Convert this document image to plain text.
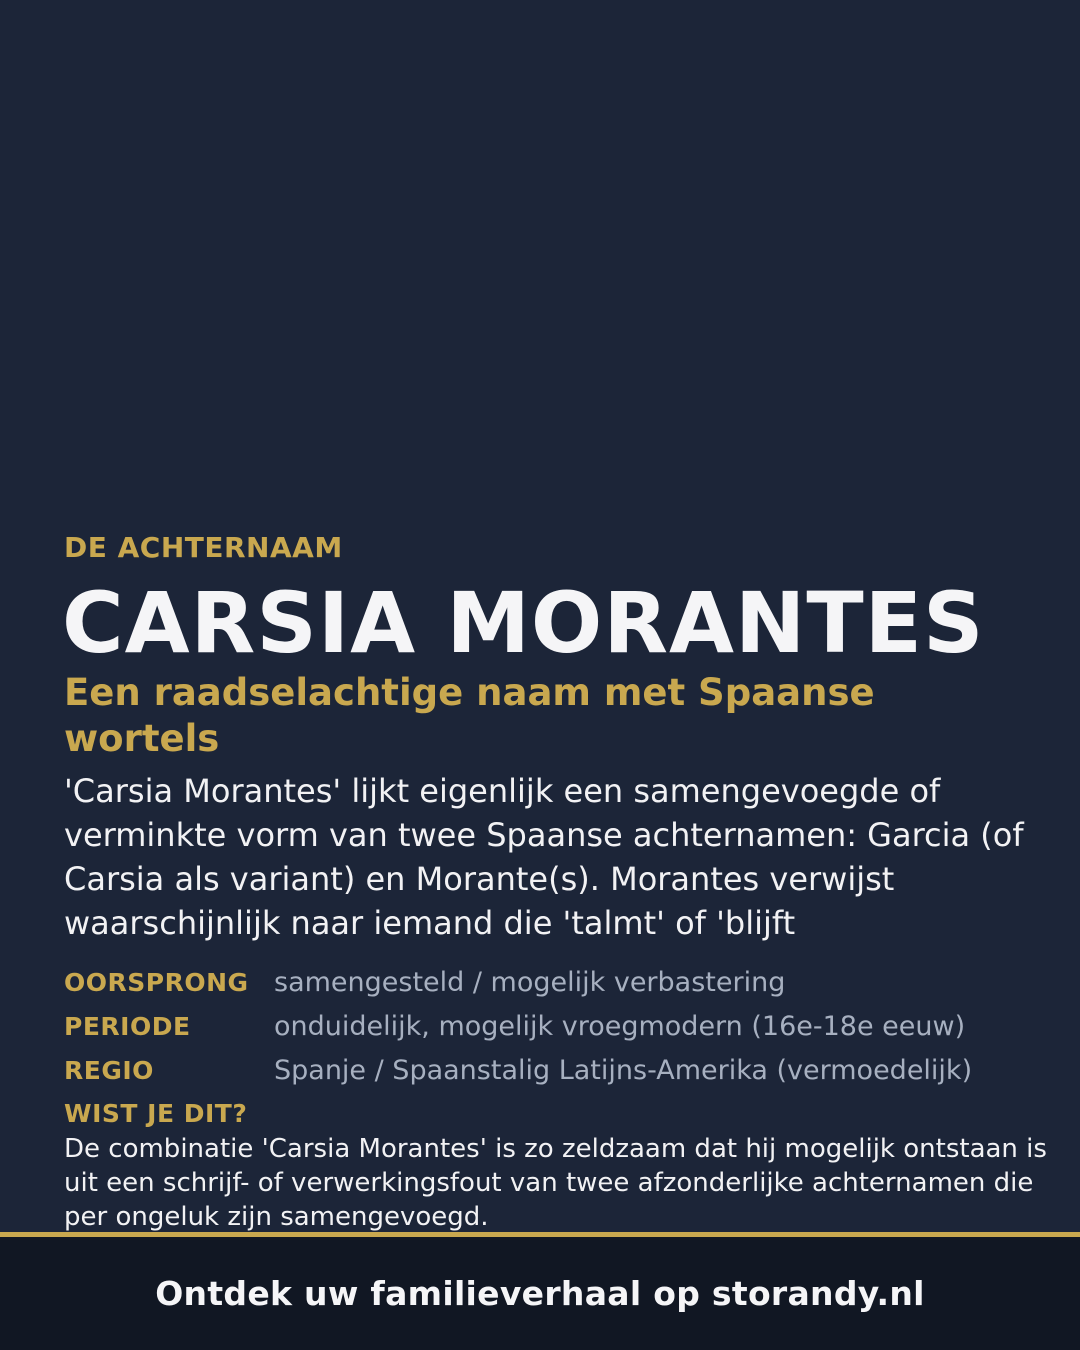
DE ACHTERNAAM
CARSIA MORANTES
Een raadselachtige naam met Spaanse wortels
'Carsia Morantes' lijkt eigenlijk een samengevoegde of verminkte vorm van twee Spaanse achternamen: Garcia (of Carsia als variant) en Morante(s). Morantes verwijst waarschijnlijk naar iemand die 'talmt' of 'blijft
OORSPRONG samengesteld / mogelijk verbastering
PERIODE	onduidelijk, mogelijk vroegmodern (16e-18e eeuw)
REGIO	Spanje / Spaanstalig Latijns-Amerika (vermoedelijk)
WIST JE DIT?
De combinatie 'Carsia Morantes' is zo zeldzaam dat hij mogelijk ontstaan is uit een schrijf- of verwerkingsfout van twee afzonderlijke achternamen die per ongeluk zijn samengevoegd.
Ontdek uw familieverhaal op storandy.nl
